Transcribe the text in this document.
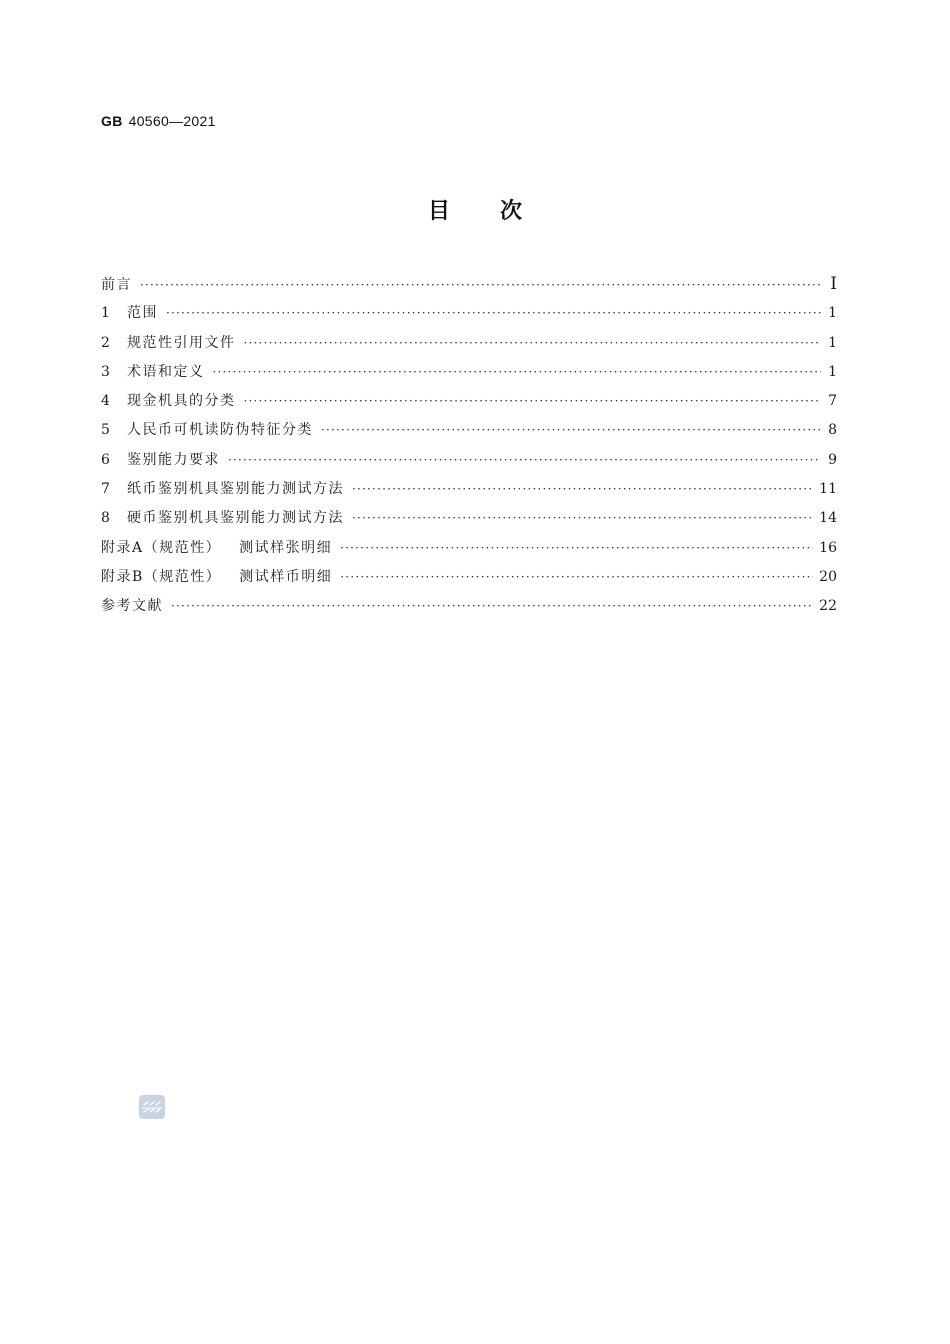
GB 40560—2021
目次
前言 ·····	Ⅰ
1	范围 ·····	1
2	规范性引用文件 ·····	1
3	术语和定义 ·····	1
4	现金机具的分类 ·····	7
5	人民币可机读防伪特征分类 ·····	8
6	鉴别能力要求 ·····	9
7	纸币鉴别机具鉴别能力测试方法 ·····	11
8	硬币鉴别机具鉴别能力测试方法 ·····	14
附录A（规范性） 测试样张明细 ·····	16
附录B（规范性） 测试样币明细 ·····	20
参考文献 ·····	22
